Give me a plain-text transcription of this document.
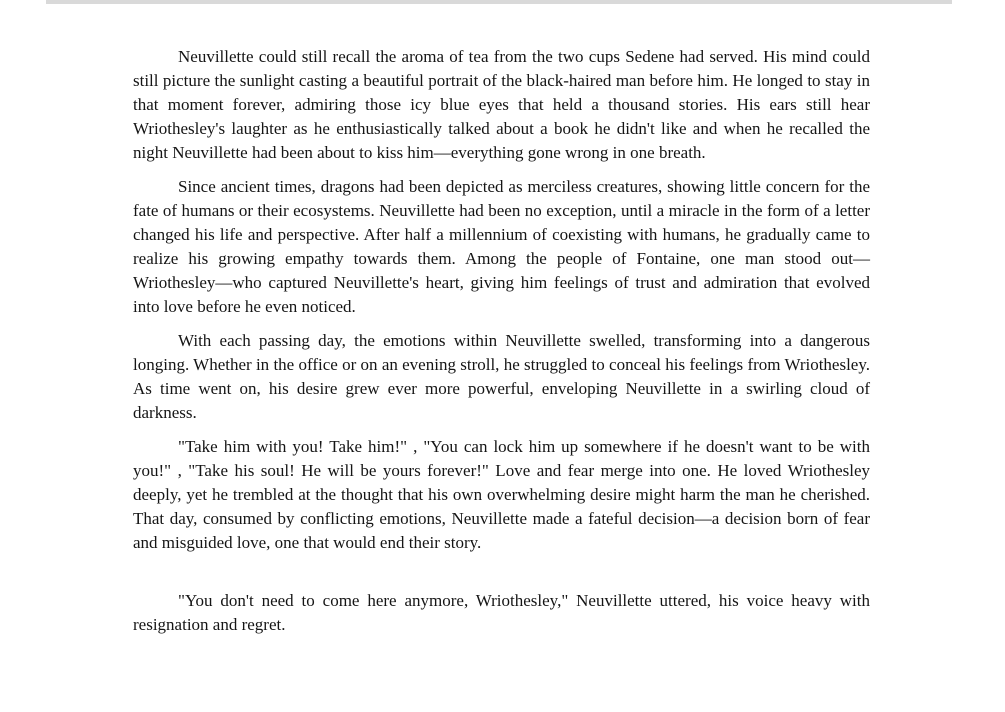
Neuvillette could still recall the aroma of tea from the two cups Sedene had served. His mind could still picture the sunlight casting a beautiful portrait of the black-haired man before him. He longed to stay in that moment forever, admiring those icy blue eyes that held a thousand stories. His ears still hear Wriothesley's laughter as he enthusiastically talked about a book he didn't like and when he recalled the night Neuvillette had been about to kiss him—everything gone wrong in one breath.

Since ancient times, dragons had been depicted as merciless creatures, showing little concern for the fate of humans or their ecosystems. Neuvillette had been no exception, until a miracle in the form of a letter changed his life and perspective. After half a millennium of coexisting with humans, he gradually came to realize his growing empathy towards them. Among the people of Fontaine, one man stood out—Wriothesley—who captured Neuvillette's heart, giving him feelings of trust and admiration that evolved into love before he even noticed.

With each passing day, the emotions within Neuvillette swelled, transforming into a dangerous longing. Whether in the office or on an evening stroll, he struggled to conceal his feelings from Wriothesley. As time went on, his desire grew ever more powerful, enveloping Neuvillette in a swirling cloud of darkness.

"Take him with you! Take him!" , "You can lock him up somewhere if he doesn't want to be with you!" , "Take his soul! He will be yours forever!" Love and fear merge into one. He loved Wriothesley deeply, yet he trembled at the thought that his own overwhelming desire might harm the man he cherished. That day, consumed by conflicting emotions, Neuvillette made a fateful decision—a decision born of fear and misguided love, one that would end their story.

"You don't need to come here anymore, Wriothesley," Neuvillette uttered, his voice heavy with resignation and regret.
